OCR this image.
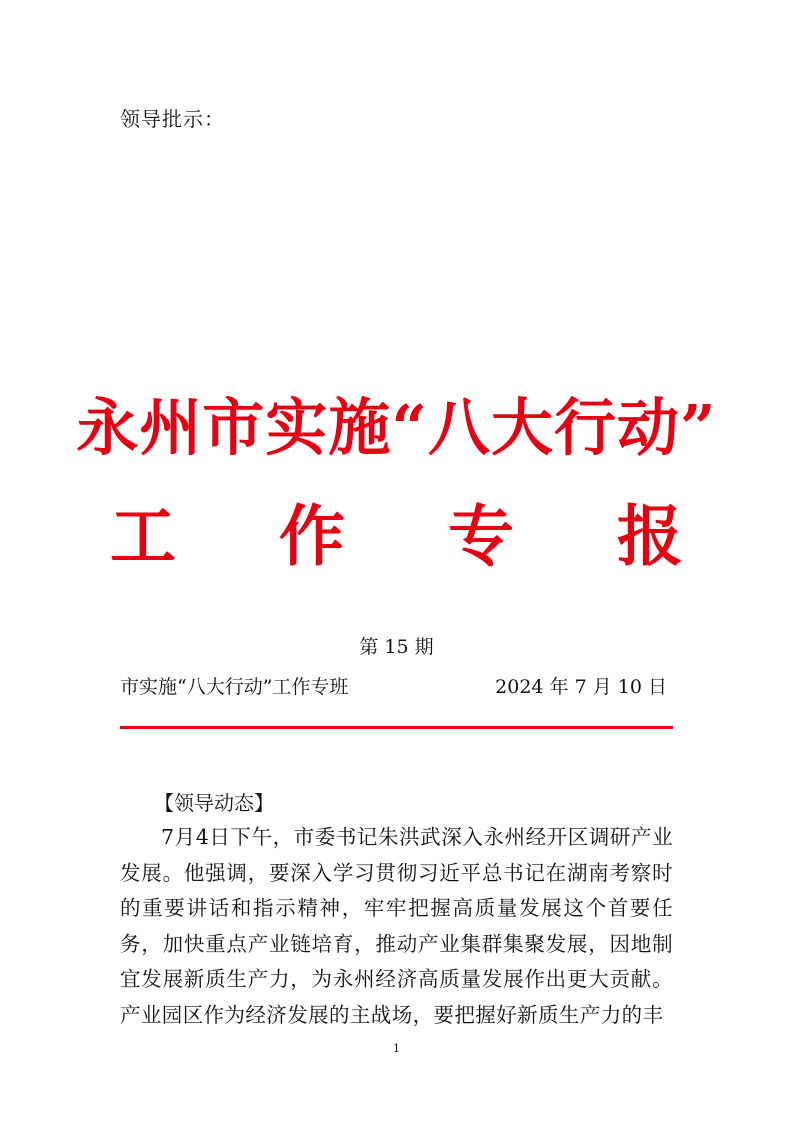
领导批示：
永州市实施“八大行动”
工 作 专 报
第 15 期
市实施“八大行动”工作专班	2024 年 7 月 10 日
【领导动态】
7月4日下午，市委书记朱洪武深入永州经开区调研产业发展。他强调，要深入学习贯彻习近平总书记在湖南考察时的重要讲话和指示精神，牢牢把握高质量发展这个首要任务，加快重点产业链培育，推动产业集群集聚发展，因地制宜发展新质生产力，为永州经济高质量发展作出更大贡献。产业园区作为经济发展的主战场，要把握好新质生产力的丰
1
